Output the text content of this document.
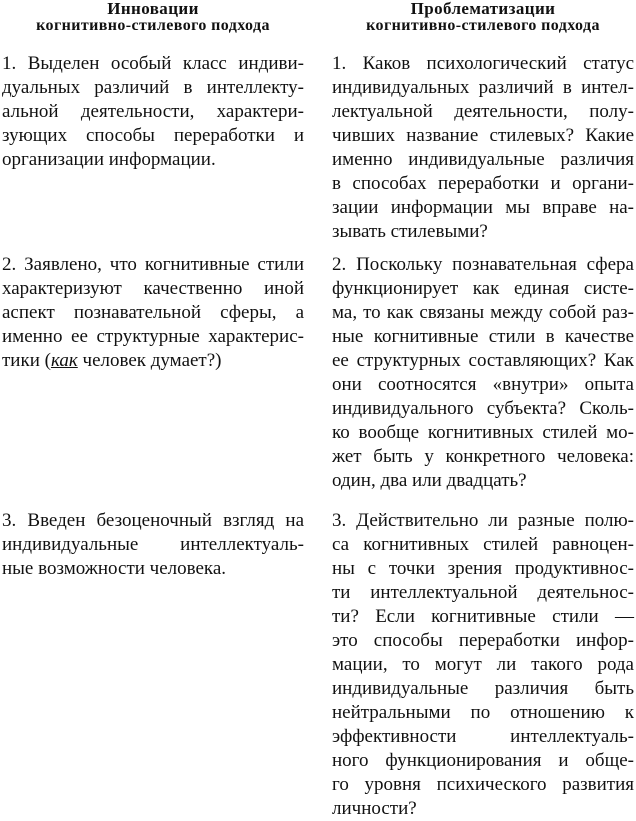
Инновации
когнитивно-стилевого подхода
1. Выделен особый класс индиви-
дуальных различий в интеллекту-
альной деятельности, характери-
зующих способы переработки и
организации информации.
2. Заявлено, что когнитивные стили
характеризуют качественно иной
аспект познавательной сферы, а
именно ее структурные характерис-
тики (как человек думает?)
3. Введен безоценочный взгляд на
индивидуальные интеллектуаль-
ные возможности человека.
Проблематизации
когнитивно-стилевого подхода
1. Каков психологический статус
индивидуальных различий в интел-
лектуальной деятельности, полу-
чивших название стилевых? Какие
именно индивидуальные различия
в способах переработки и органи-
зации информации мы вправе на-
зывать стилевыми?
2. Поскольку познавательная сфера
функционирует как единая систе-
ма, то как связаны между собой раз-
ные когнитивные стили в качестве
ее структурных составляющих? Как
они соотносятся «внутри» опыта
индивидуального субъекта? Сколь-
ко вообще когнитивных стилей мо-
жет быть у конкретного человека:
один, два или двадцать?
3. Действительно ли разные полю-
са когнитивных стилей равноцен-
ны с точки зрения продуктивнос-
ти интеллектуальной деятельнос-
ти? Если когнитивные стили —
это способы переработки инфор-
мации, то могут ли такого рода
индивидуальные различия быть
нейтральными по отношению к
эффективности интеллектуаль-
ного функционирования и обще-
го уровня психического развития
личности?
